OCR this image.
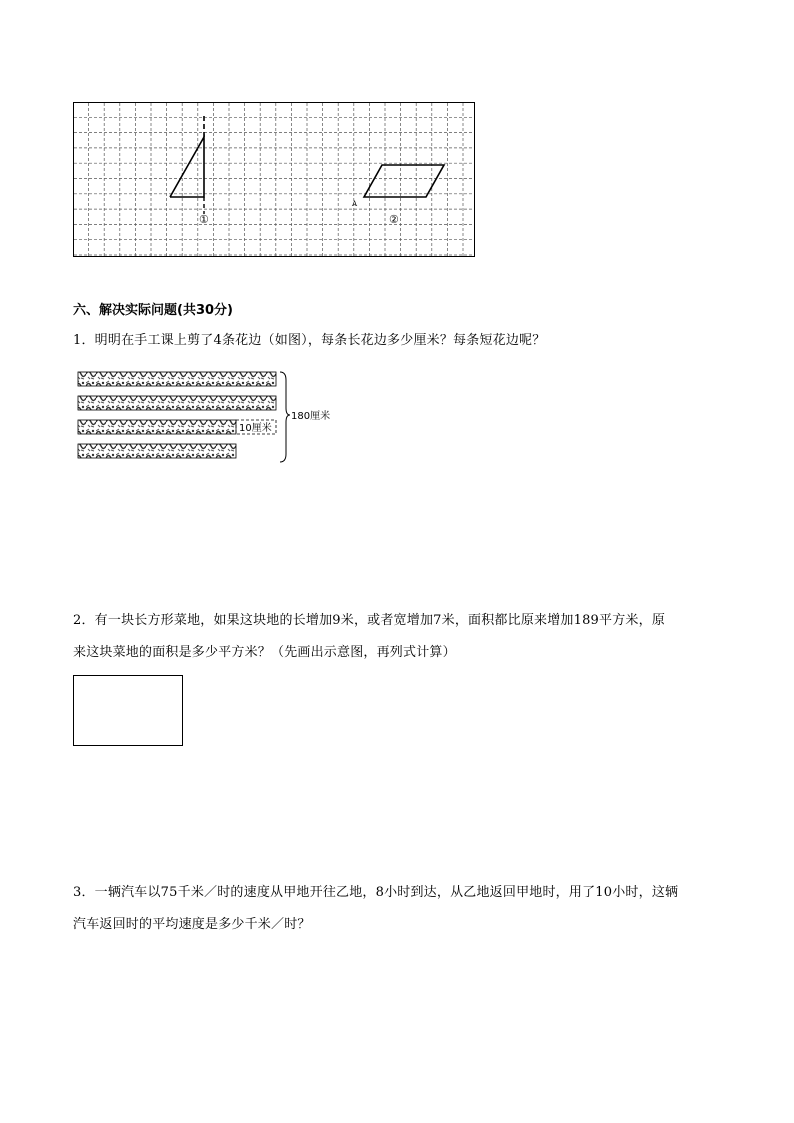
①	②
A
六、解决实际问题(共30分)

1．明明在手工课上剪了4条花边（如图），每条长花边多少厘米？每条短花边呢？

10厘米
180厘米

2．有一块长方形菜地，如果这块地的长增加9米，或者宽增加7米，面积都比原来增加189平方米，原

来这块菜地的面积是多少平方米？（先画出示意图，再列式计算）

3．一辆汽车以75千米／时的速度从甲地开往乙地，8小时到达，从乙地返回甲地时，用了10小时，这辆

汽车返回时的平均速度是多少千米／时？
